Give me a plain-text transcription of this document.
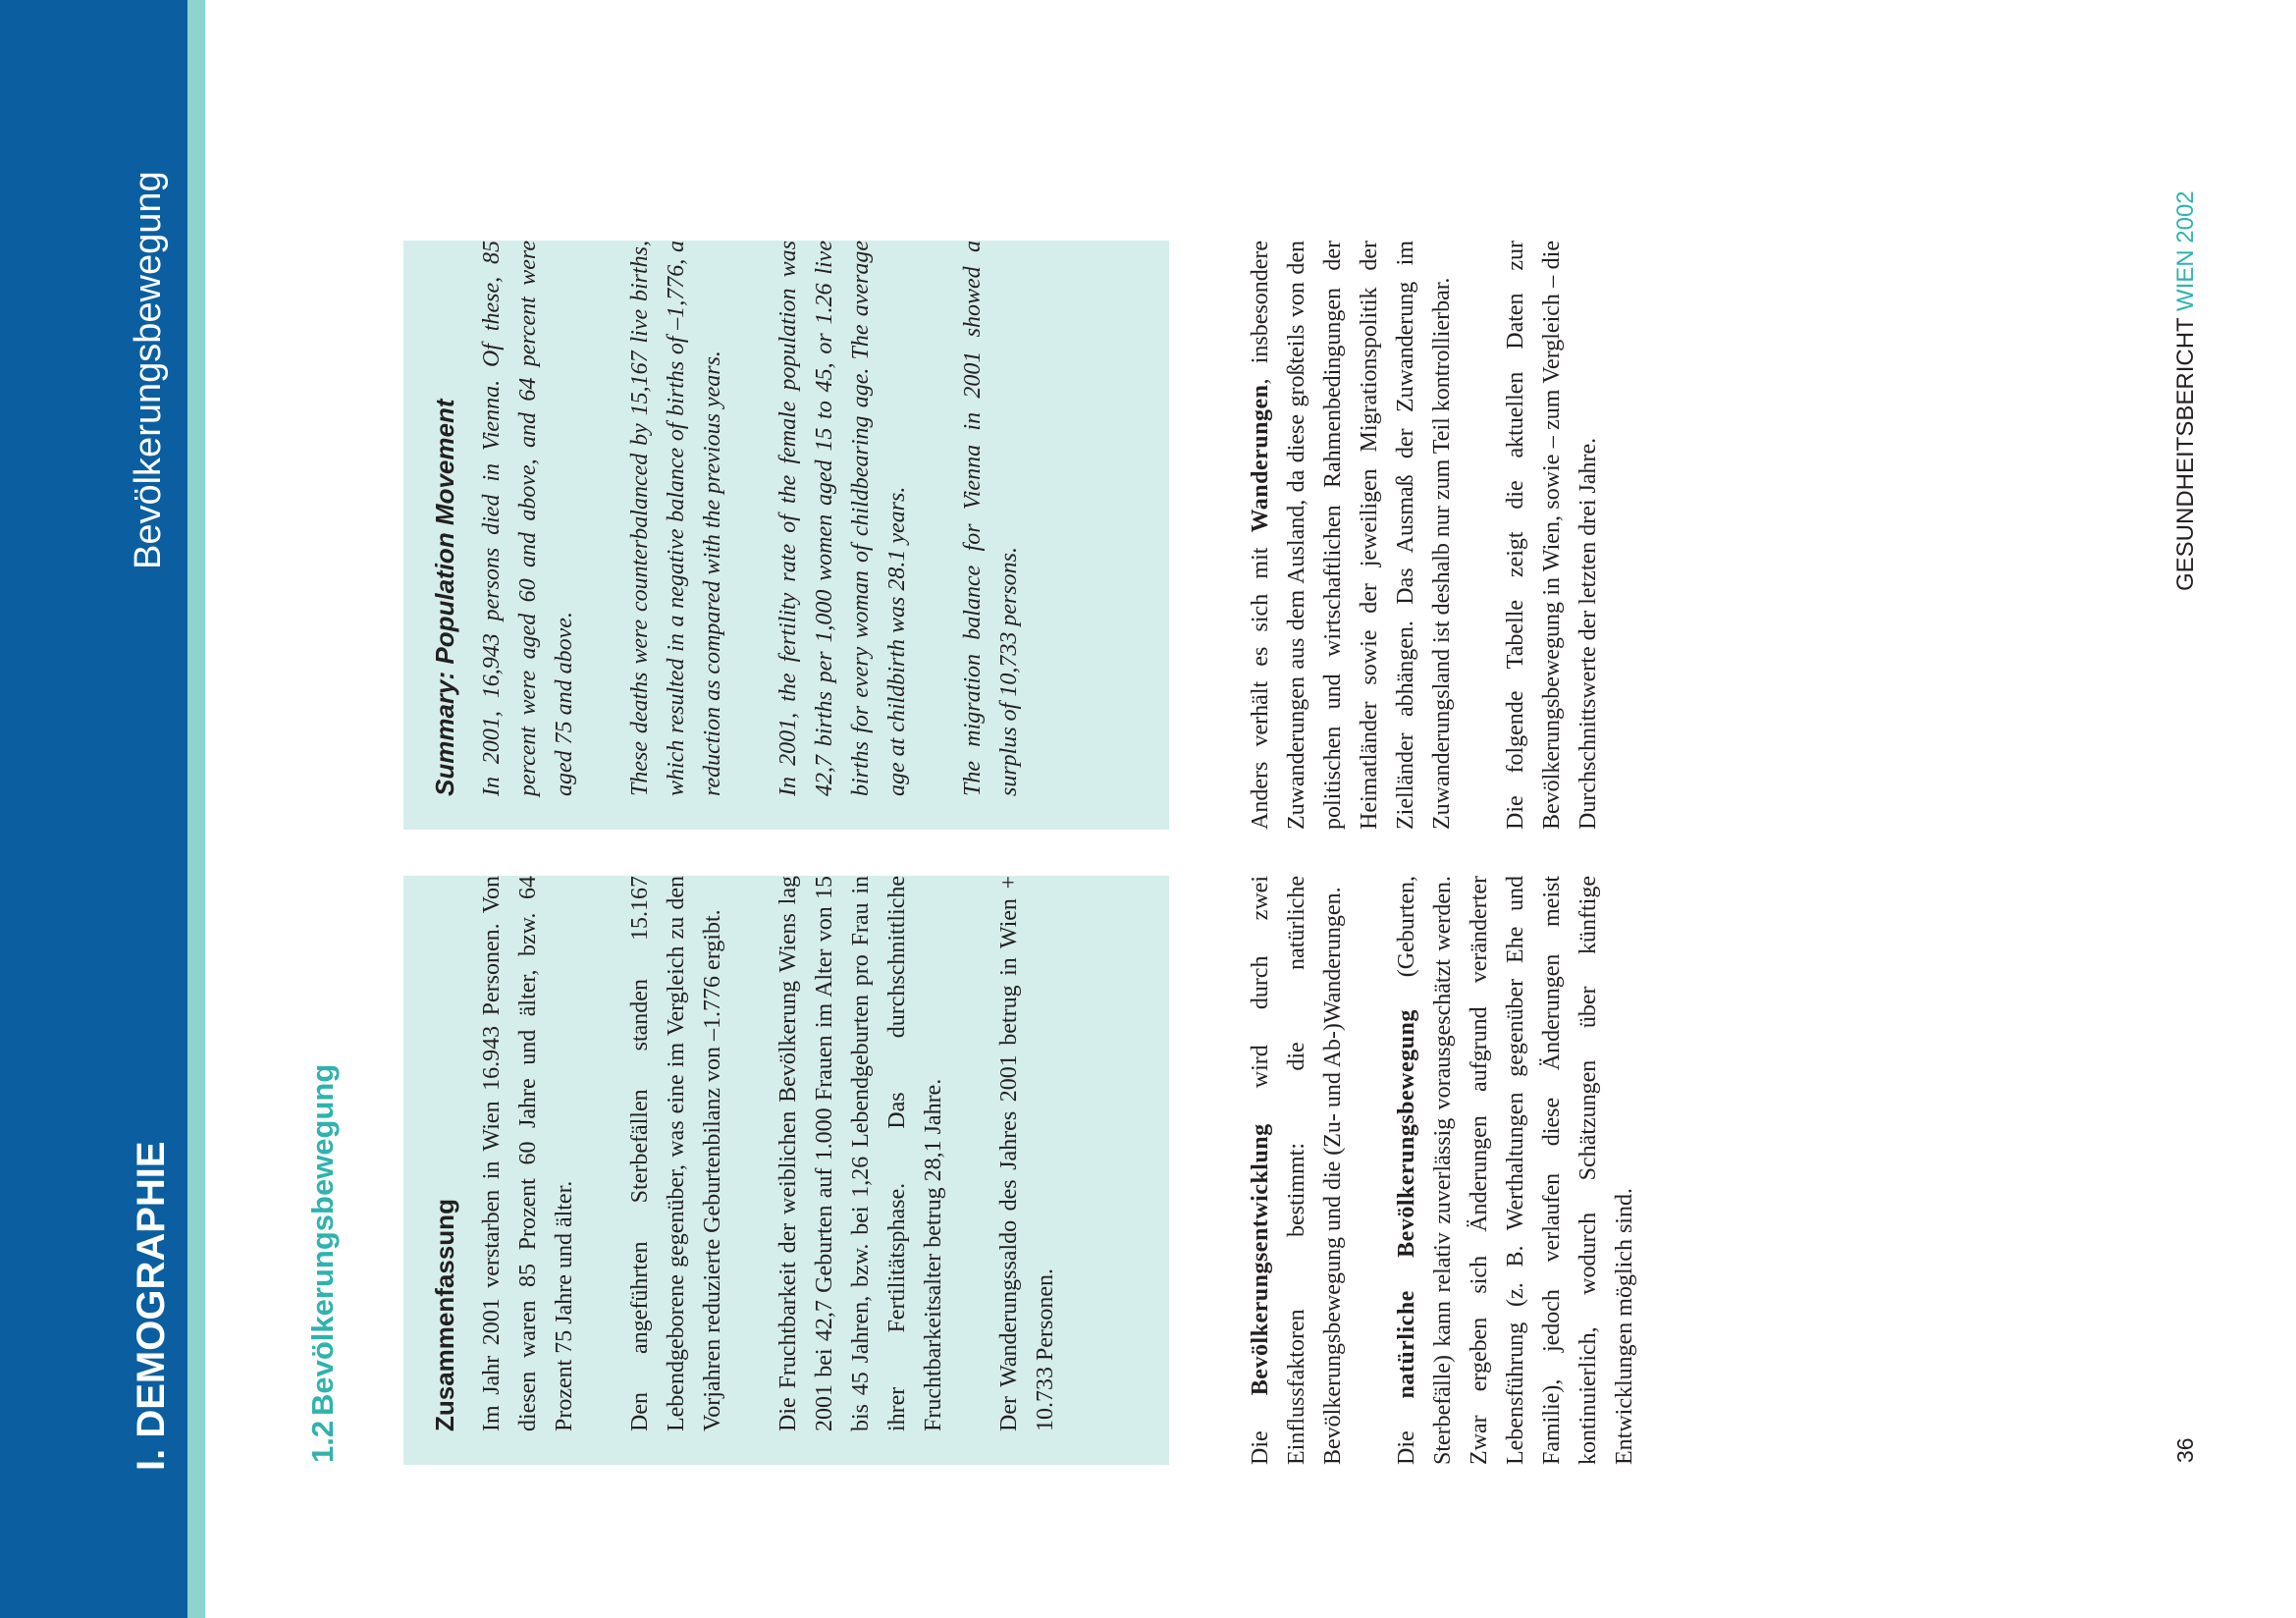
I. DEMOGRAPHIE
Bevölkerungsbewegung
36
GESUNDHEITSBERICHT WIEN 2002
1.2Bevölkerungsbewegung	Zusammenfassung Im Jahr 2001 verstarben in Wien 16.943 Personen. Von diesen waren 85 Prozent 60 Jahre und älter, bzw. 64 Prozent 75 Jahre und älter. Den angeführten Sterbefällen standen 15.167 Lebendgeborene gegenüber, was eine im Vergleich zu den Vorjahren reduzierte Geburtenbilanz von –1.776 ergibt. Die Fruchtbarkeit der weiblichen Bevölkerung Wiens lag 2001 bei 42,7 Geburten auf 1.000 Frauen im Alter von 15 bis 45 Jahren, bzw. bei 1,26 Lebendgeburten pro Frau in ihrer Fertilitätsphase. Das durchschnittliche Fruchtbarkeitsalter betrug 28,1 Jahre. Der Wanderungssaldo des Jahres 2001 betrug in Wien + 10.733 Personen.

Summary: Population Movement In 2001, 16,943 persons died in Vienna. Of these, 85 percent were aged 60 and above, and 64 percent were aged 75 and above. These deaths were counterbalanced by 15,167 live births, which resulted in a negative balance of births of –1,776, a reduction as compared with the previous years. In 2001, the fertility rate of the female population was 42,7 births per 1,000 women aged 15 to 45, or 1.26 live births for every woman of childbearing age. The average age at childbirth was 28.1 years. The migration balance for Vienna in 2001 showed a surplus of 10,733 persons.

Die Bevölkerungsentwicklung wird durch zwei Einflussfaktoren bestimmt: die natürliche Bevölkerungsbewegung und die (Zu- und Ab-)Wanderungen. Die natürliche Bevölkerungsbewegung (Geburten, Sterbefälle) kann relativ zuverlässig vorausgeschätzt werden. Zwar ergeben sich Änderungen aufgrund veränderter Lebensführung (z. B. Werthaltungen gegenüber Ehe und Familie), jedoch verlaufen diese Änderungen meist kontinuierlich, wodurch Schätzungen über künftige Entwicklungen möglich sind.

Anders verhält es sich mit Wanderungen, insbesondere Zuwanderungen aus dem Ausland, da diese großteils von den politischen und wirtschaftlichen Rahmenbedingungen der Heimatländer sowie der jeweiligen Migrationspolitik der Zielländer abhängen. Das Ausmaß der Zuwanderung im Zuwanderungsland ist deshalb nur zum Teil kontrollierbar. Die folgende Tabelle zeigt die aktuellen Daten zur Bevölkerungsbewegung in Wien, sowie – zum Vergleich – die Durchschnittswerte der letzten drei Jahre.
